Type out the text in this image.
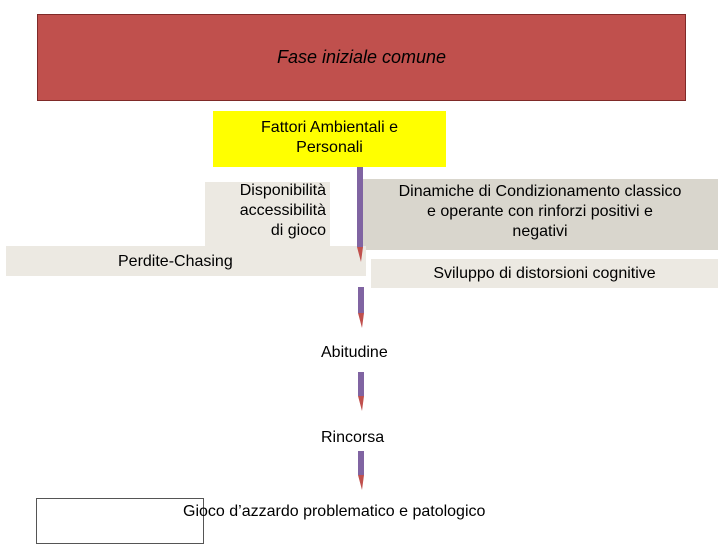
Fase iniziale comune
Fattori Ambientali e
Personali
Disponibilità
accessibilità
di gioco
Dinamiche di Condizionamento classico
e operante con rinforzi positivi e
negativi
Perdite-Chasing
Sviluppo di distorsioni cognitive
Abitudine
Rincorsa
Gioco d’azzardo problematico e patologico
